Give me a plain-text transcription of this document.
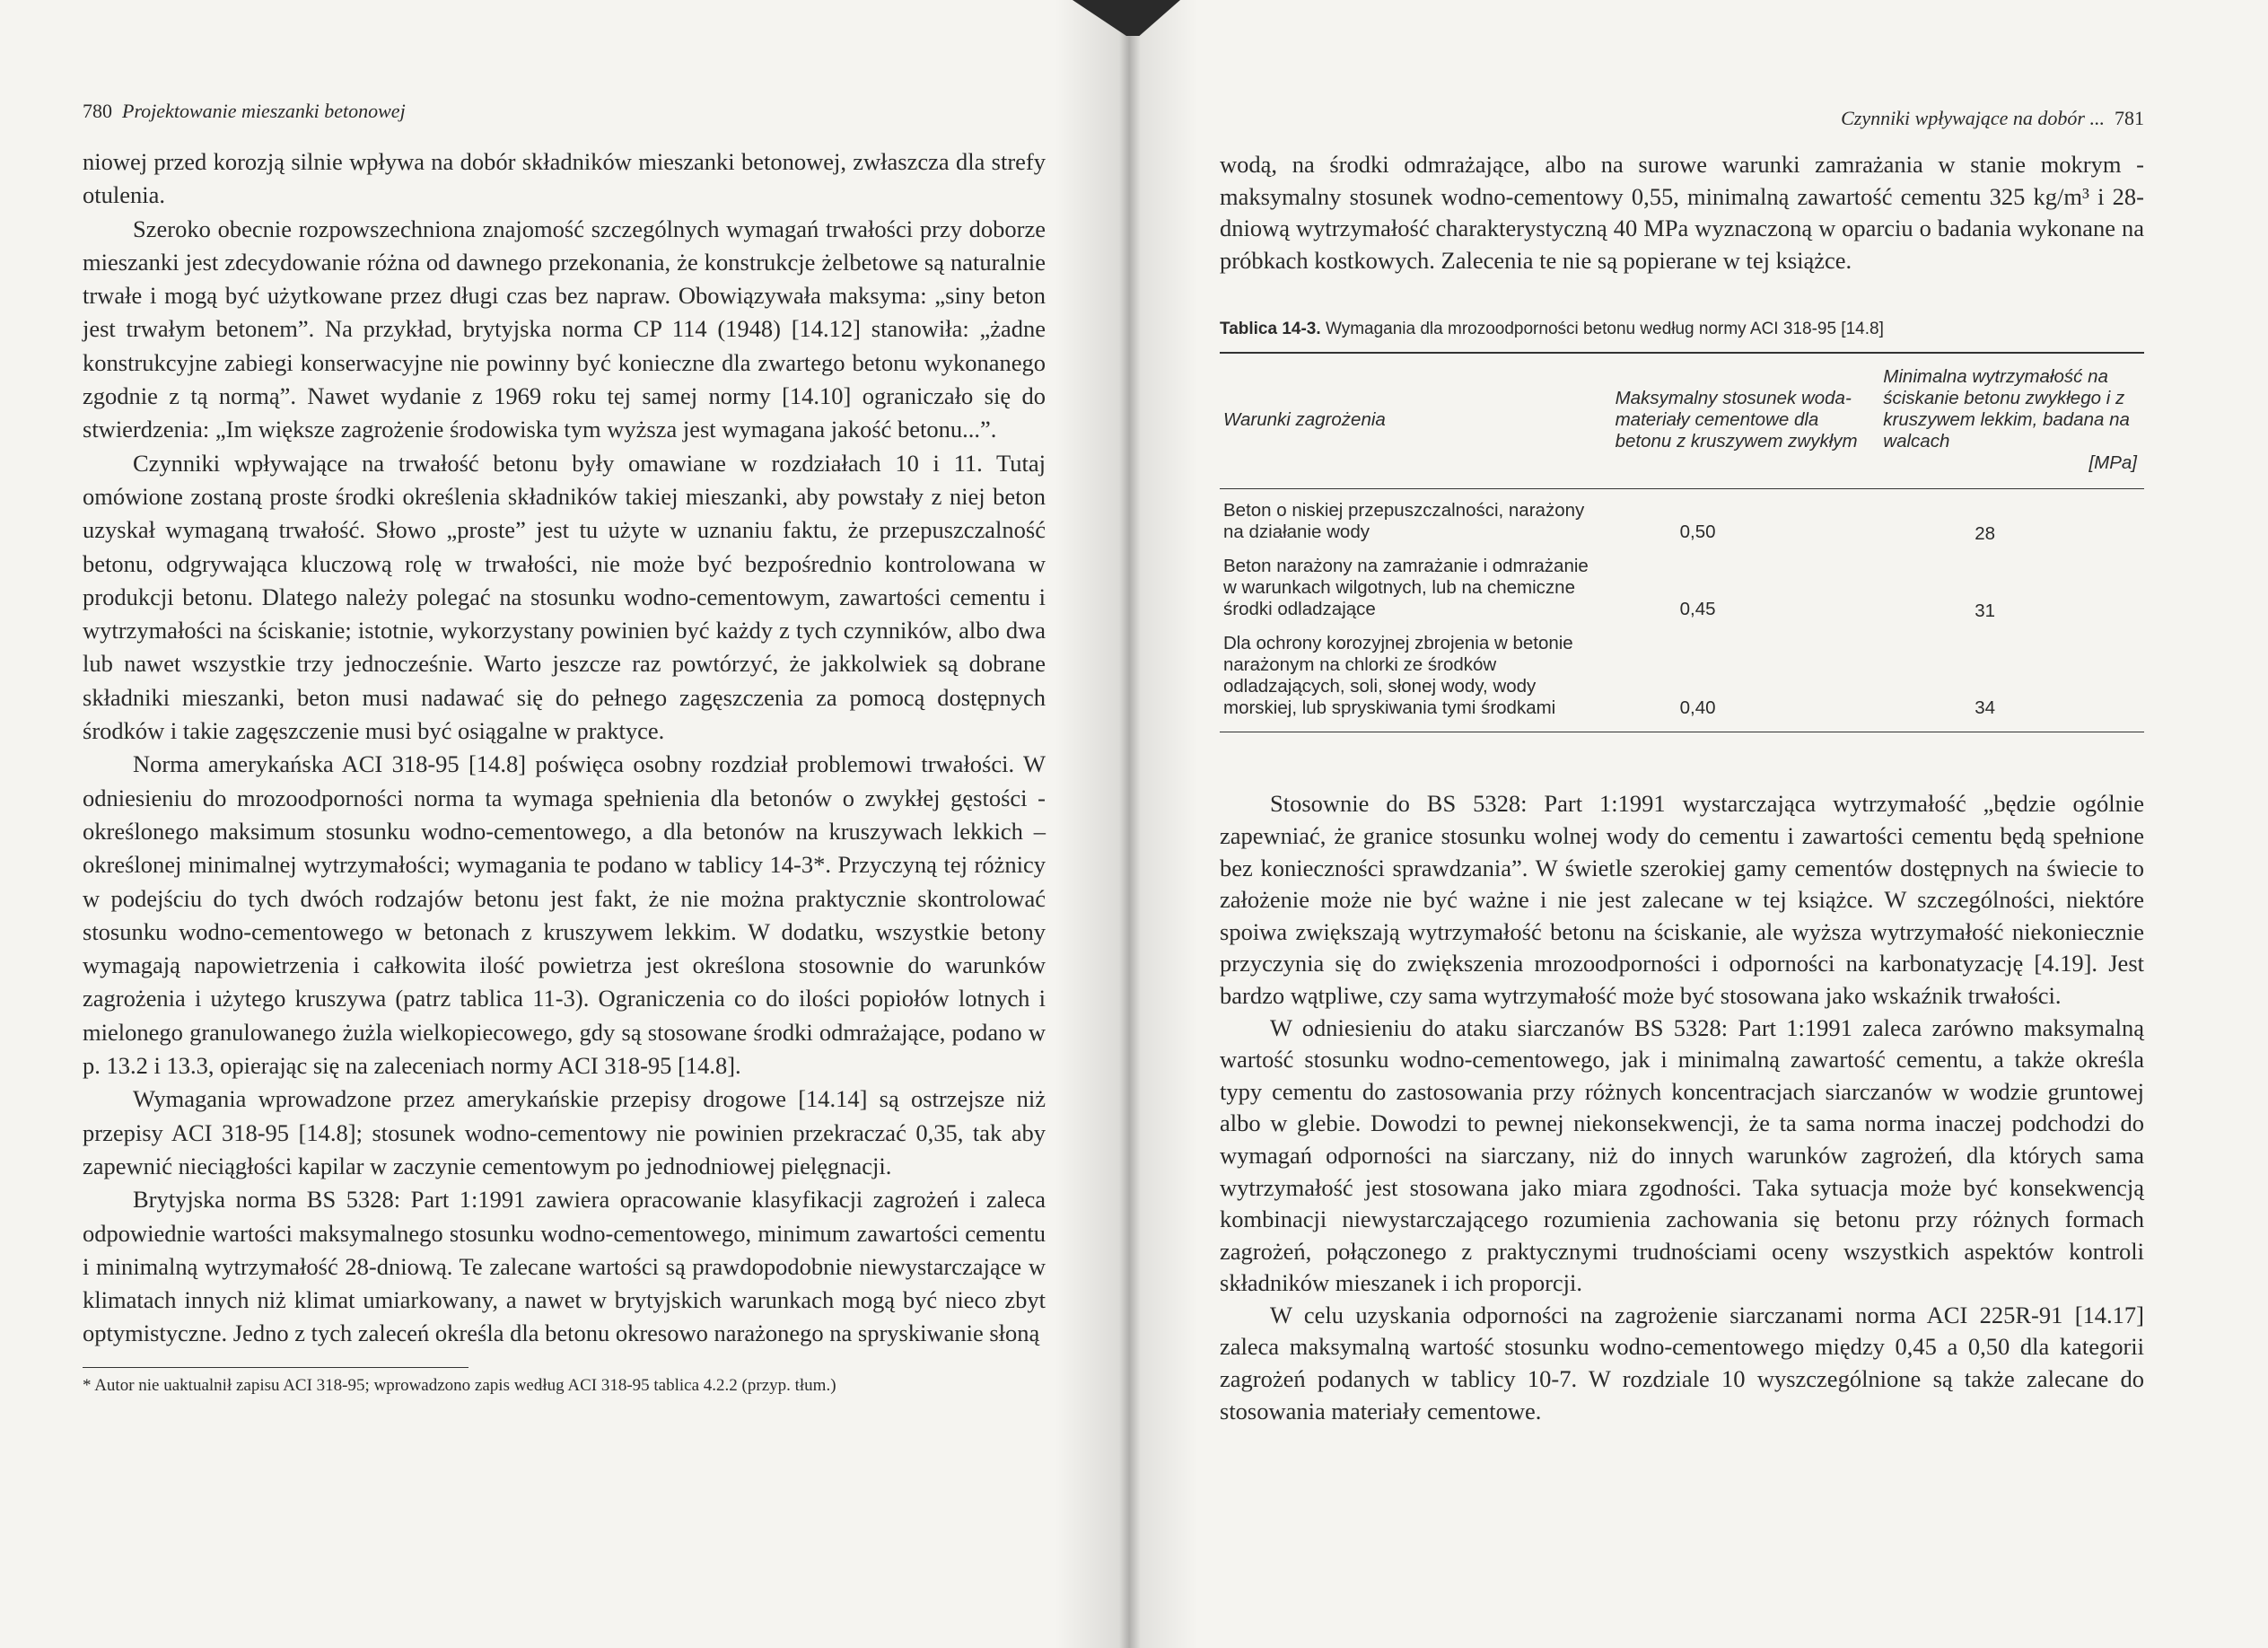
780 Projektowanie mieszanki betonowej

niowej przed korozją silnie wpływa na dobór składników mieszanki betonowej, zwłaszcza dla strefy otulenia.

Szeroko obecnie rozpowszechniona znajomość szczególnych wymagań trwałości przy doborze mieszanki jest zdecydowanie różna od dawnego przekonania, że konstrukcje żelbetowe są naturalnie trwałe i mogą być użytkowane przez długi czas bez napraw. Obowiązywała maksyma: „siny beton jest trwałym betonem”. Na przykład, brytyjska norma CP 114 (1948) [14.12] stanowiła: „żadne konstrukcyjne zabiegi konserwacyjne nie powinny być konieczne dla zwartego betonu wykonanego zgodnie z tą normą”. Nawet wydanie z 1969 roku tej samej normy [14.10] ograniczało się do stwierdzenia: „Im większe zagrożenie środowiska tym wyższa jest wymagana jakość betonu...”.

Czynniki wpływające na trwałość betonu były omawiane w rozdziałach 10 i 11. Tutaj omówione zostaną proste środki określenia składników takiej mieszanki, aby powstały z niej beton uzyskał wymaganą trwałość. Słowo „proste” jest tu użyte w uznaniu faktu, że przepuszczalność betonu, odgrywająca kluczową rolę w trwałości, nie może być bezpośrednio kontrolowana w produkcji betonu. Dlatego należy polegać na stosunku wodno-cementowym, zawartości cementu i wytrzymałości na ściskanie; istotnie, wykorzystany powinien być każdy z tych czynników, albo dwa lub nawet wszystkie trzy jednocześnie. Warto jeszcze raz powtórzyć, że jakkolwiek są dobrane składniki mieszanki, beton musi nadawać się do pełnego zagęszczenia za pomocą dostępnych środków i takie zagęszczenie musi być osiągalne w praktyce.

Norma amerykańska ACI 318-95 [14.8] poświęca osobny rozdział problemowi trwałości. W odniesieniu do mrozoodporności norma ta wymaga spełnienia dla betonów o zwykłej gęstości - określonego maksimum stosunku wodno-cementowego, a dla betonów na kruszywach lekkich – określonej minimalnej wytrzymałości; wymagania te podano w tablicy 14-3*. Przyczyną tej różnicy w podejściu do tych dwóch rodzajów betonu jest fakt, że nie można praktycznie skontrolować stosunku wodno-cementowego w betonach z kruszywem lekkim. W dodatku, wszystkie betony wymagają napowietrzenia i całkowita ilość powietrza jest określona stosownie do warunków zagrożenia i użytego kruszywa (patrz tablica 11-3). Ograniczenia co do ilości popiołów lotnych i mielonego granulowanego żużla wielkopiecowego, gdy są stosowane środki odmrażające, podano w p. 13.2 i 13.3, opierając się na zaleceniach normy ACI 318-95 [14.8].

Wymagania wprowadzone przez amerykańskie przepisy drogowe [14.14] są ostrzejsze niż przepisy ACI 318-95 [14.8]; stosunek wodno-cementowy nie powinien przekraczać 0,35, tak aby zapewnić nieciągłości kapilar w zaczynie cementowym po jednodniowej pielęgnacji.

Brytyjska norma BS 5328: Part 1:1991 zawiera opracowanie klasyfikacji zagrożeń i zaleca odpowiednie wartości maksymalnego stosunku wodno-cementowego, minimum zawartości cementu i minimalną wytrzymałość 28-dniową. Te zalecane wartości są prawdopodobnie niewystarczające w klimatach innych niż klimat umiarkowany, a nawet w brytyjskich warunkach mogą być nieco zbyt optymistyczne. Jedno z tych zaleceń określa dla betonu okresowo narażonego na spryskiwanie słoną

* Autor nie uaktualnił zapisu ACI 318-95; wprowadzono zapis według ACI 318-95 tablica 4.2.2 (przyp. tłum.)
Czynniki wpływające na dobór ... 781

wodą, na środki odmrażające, albo na surowe warunki zamrażania w stanie mokrym - maksymalny stosunek wodno-cementowy 0,55, minimalną zawartość cementu 325 kg/m³ i 28-dniową wytrzymałość charakterystyczną 40 MPa wyznaczoną w oparciu o badania wykonane na próbkach kostkowych. Zalecenia te nie są popierane w tej książce.

Tablica 14-3. Wymagania dla mrozoodporności betonu według normy ACI 318-95 [14.8]
Warunki zagrożenia	Maksymalny stosunek woda-materiały cementowe dla betonu z kruszywem zwykłym	Minimalna wytrzymałość na ściskanie betonu zwykłego i z kruszywem lekkim, badana na walcach
[MPa]

Beton o niskiej przepuszczalności, narażony na działanie wody	0,50	28
Beton narażony na zamrażanie i odmrażanie w warunkach wilgotnych, lub na chemiczne środki odladzające	0,45	31
Dla ochrony korozyjnej zbrojenia w betonie narażonym na chlorki ze środków odladzających, soli, słonej wody, wody morskiej, lub spryskiwania tymi środkami	0,40	34

Stosownie do BS 5328: Part 1:1991 wystarczająca wytrzymałość „będzie ogólnie zapewniać, że granice stosunku wolnej wody do cementu i zawartości cementu będą spełnione bez konieczności sprawdzania”. W świetle szerokiej gamy cementów dostępnych na świecie to założenie może nie być ważne i nie jest zalecane w tej książce. W szczególności, niektóre spoiwa zwiększają wytrzymałość betonu na ściskanie, ale wyższa wytrzymałość niekoniecznie przyczynia się do zwiększenia mrozoodporności i odporności na karbonatyzację [4.19]. Jest bardzo wątpliwe, czy sama wytrzymałość może być stosowana jako wskaźnik trwałości.

W odniesieniu do ataku siarczanów BS 5328: Part 1:1991 zaleca zarówno maksymalną wartość stosunku wodno-cementowego, jak i minimalną zawartość cementu, a także określa typy cementu do zastosowania przy różnych koncentracjach siarczanów w wodzie gruntowej albo w glebie. Dowodzi to pewnej niekonsekwencji, że ta sama norma inaczej podchodzi do wymagań odporności na siarczany, niż do innych warunków zagrożeń, dla których sama wytrzymałość jest stosowana jako miara zgodności. Taka sytuacja może być konsekwencją kombinacji niewystarczającego rozumienia zachowania się betonu przy różnych formach zagrożeń, połączonego z praktycznymi trudnościami oceny wszystkich aspektów kontroli składników mieszanek i ich proporcji.

W celu uzyskania odporności na zagrożenie siarczanami norma ACI 225R-91 [14.17] zaleca maksymalną wartość stosunku wodno-cementowego między 0,45 a 0,50 dla kategorii zagrożeń podanych w tablicy 10-7. W rozdziale 10 wyszczególnione są także zalecane do stosowania materiały cementowe.
